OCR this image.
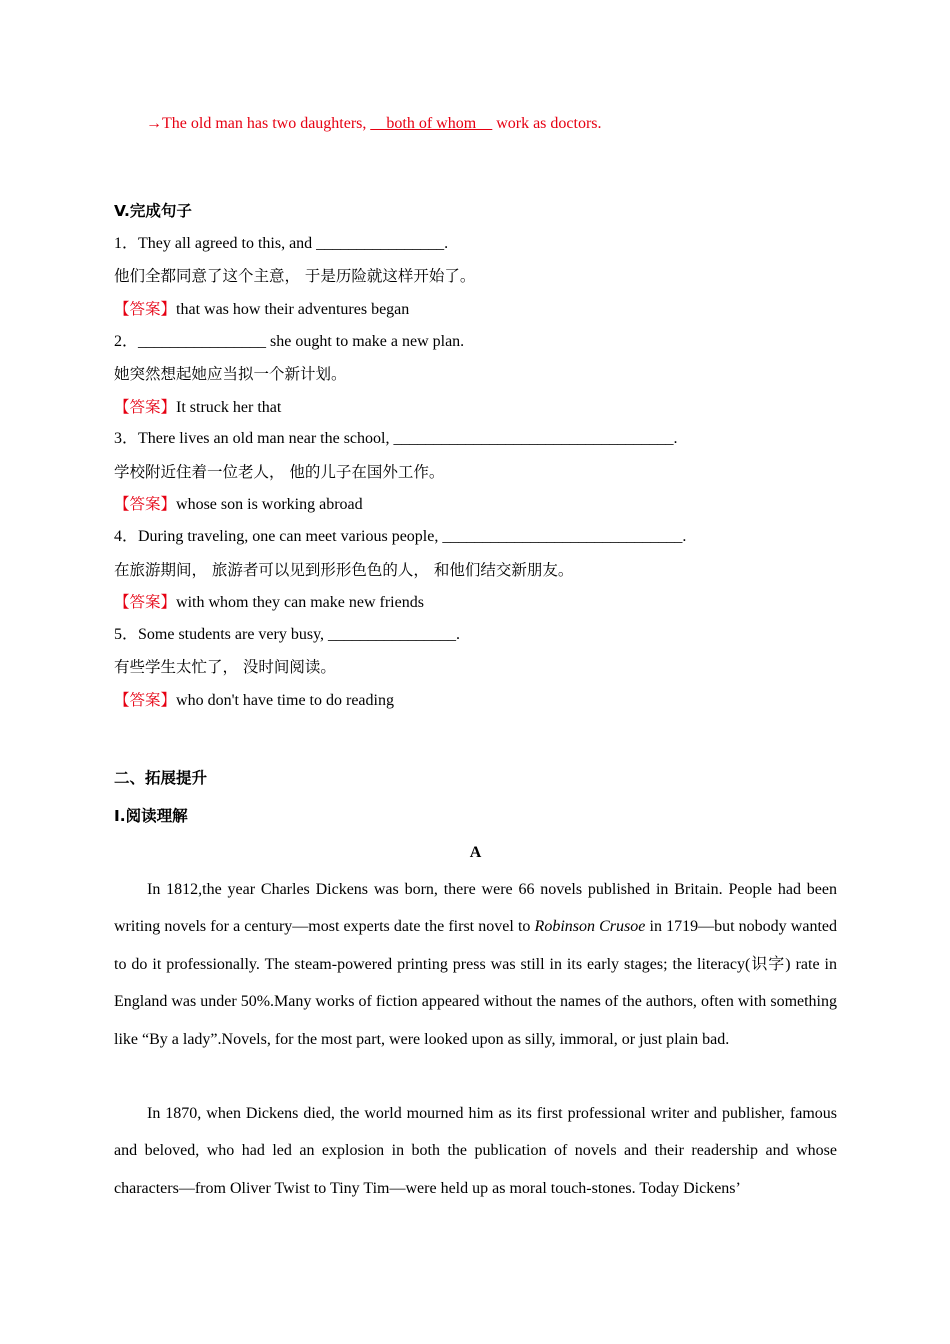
→The old man has two daughters, __both of whom__ work as doctors.
V.完成句子
1．They all agreed to this, and ________________.
他们全都同意了这个主意， 于是历险就这样开始了。
【答案】that was how their adventures began
2．________________ she ought to make a new plan.
她突然想起她应当拟一个新计划。
【答案】It struck her that
3．There lives an old man near the school, ___________________________________.
学校附近住着一位老人， 他的儿子在国外工作。
【答案】whose son is working abroad
4．During traveling, one can meet various people, ______________________________.
在旅游期间， 旅游者可以见到形形色色的人， 和他们结交新朋友。
【答案】with whom they can make new friends
5．Some students are very busy, ________________.
有些学生太忙了， 没时间阅读。
【答案】who don't have time to do reading
二、拓展提升
I.阅读理解
A
In 1812,the year Charles Dickens was born, there were 66 novels published in Britain. People had been writing novels for a century—most experts date the first novel to Robinson Crusoe in 1719—but nobody wanted to do it professionally. The steam-powered printing press was still in its early stages; the literacy(识字) rate in England was under 50%.Many works of fiction appeared without the names of the authors, often with something like “By a lady”.Novels, for the most part, were looked upon as silly, immoral, or just plain bad.
In 1870, when Dickens died, the world mourned him as its first professional writer and publisher, famous and beloved, who had led an explosion in both the publication of novels and their readership and whose characters—from Oliver Twist to Tiny Tim—were held up as moral touch-stones. Today Dickens’
